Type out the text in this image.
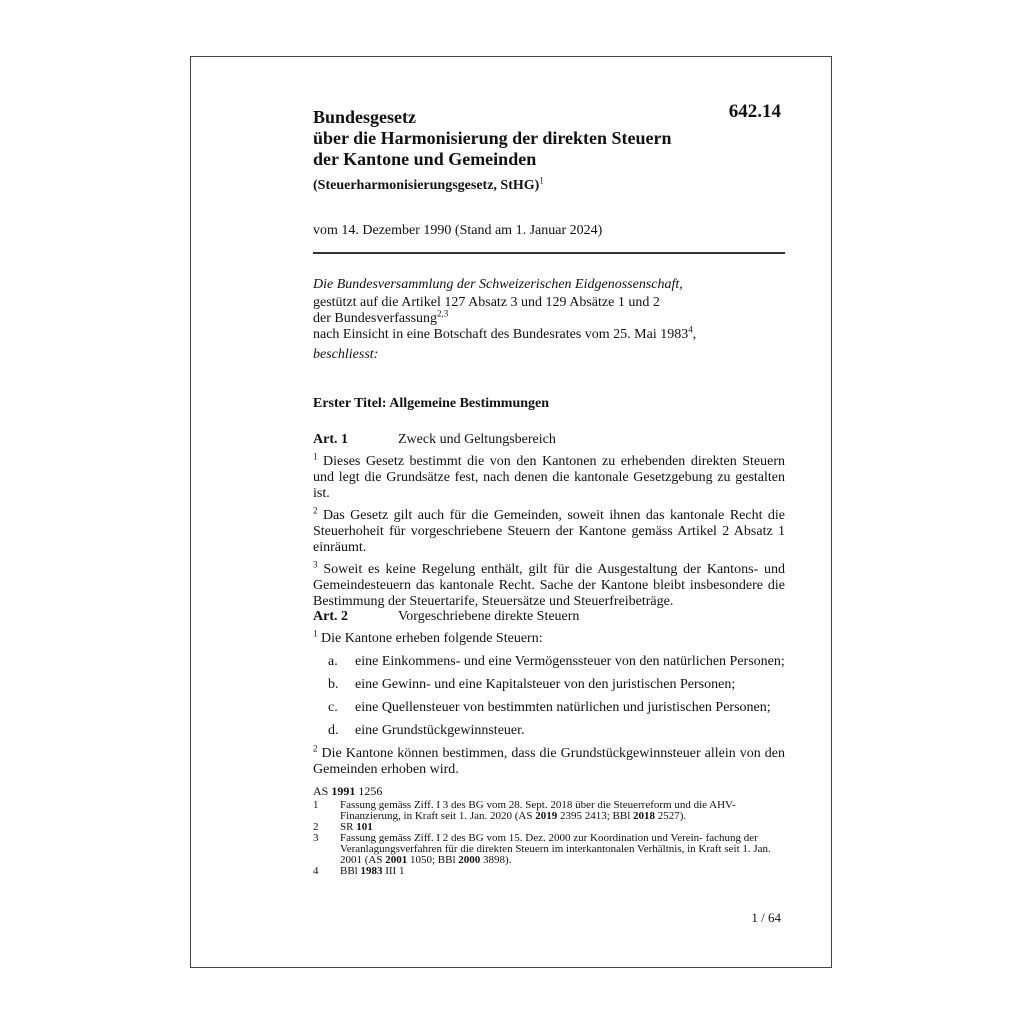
642.14
Bundesgesetz
über die Harmonisierung der direkten Steuern
der Kantone und Gemeinden
(Steuerharmonisierungsgesetz, StHG)$^1$
vom 14. Dezember 1990 (Stand am 1. Januar 2024)
Die Bundesversammlung der Schweizerischen Eidgenossenschaft,
gestützt auf die Artikel 127 Absatz 3 und 129 Absätze 1 und 2
der Bundesverfassung$^{2,3}$
nach Einsicht in eine Botschaft des Bundesrates vom 25. Mai 1983$^4$,
beschliesst:
Erster Titel: Allgemeine Bestimmungen
Art. 1	Zweck und Geltungsbereich
$^1$ Dieses Gesetz bestimmt die von den Kantonen zu erhebenden direkten Steuern und legt die Grundsätze fest, nach denen die kantonale Gesetzgebung zu gestalten ist.
$^2$ Das Gesetz gilt auch für die Gemeinden, soweit ihnen das kantonale Recht die Steuerhoheit für vorgeschriebene Steuern der Kantone gemäss Artikel 2 Absatz 1 einräumt.
$^3$ Soweit es keine Regelung enthält, gilt für die Ausgestaltung der Kantons- und Gemeindesteuern das kantonale Recht. Sache der Kantone bleibt insbesondere die Bestimmung der Steuertarife, Steuersätze und Steuerfreibeträge.
Art. 2	Vorgeschriebene direkte Steuern
$^1$ Die Kantone erheben folgende Steuern:
a.	eine Einkommens- und eine Vermögenssteuer von den natürlichen Personen;
b.	eine Gewinn- und eine Kapitalsteuer von den juristischen Personen;
c.	eine Quellensteuer von bestimmten natürlichen und juristischen Personen;
d.	eine Grundstückgewinnsteuer.
$^2$ Die Kantone können bestimmen, dass die Grundstückgewinnsteuer allein von den Gemeinden erhoben wird.
AS 1991 1256
1	Fassung gemäss Ziff. I 3 des BG vom 28. Sept. 2018 über die Steuerreform und die AHV-Finanzierung, in Kraft seit 1. Jan. 2020 (AS 2019 2395 2413; BBl 2018 2527).
2	SR 101
3	Fassung gemäss Ziff. I 2 des BG vom 15. Dez. 2000 zur Koordination und Verein- fachung der Veranlagungsverfahren für die direkten Steuern im interkantonalen Verhältnis, in Kraft seit 1. Jan. 2001 (AS 2001 1050; BBl 2000 3898).
4	BBl 1983 III 1
1 / 64
